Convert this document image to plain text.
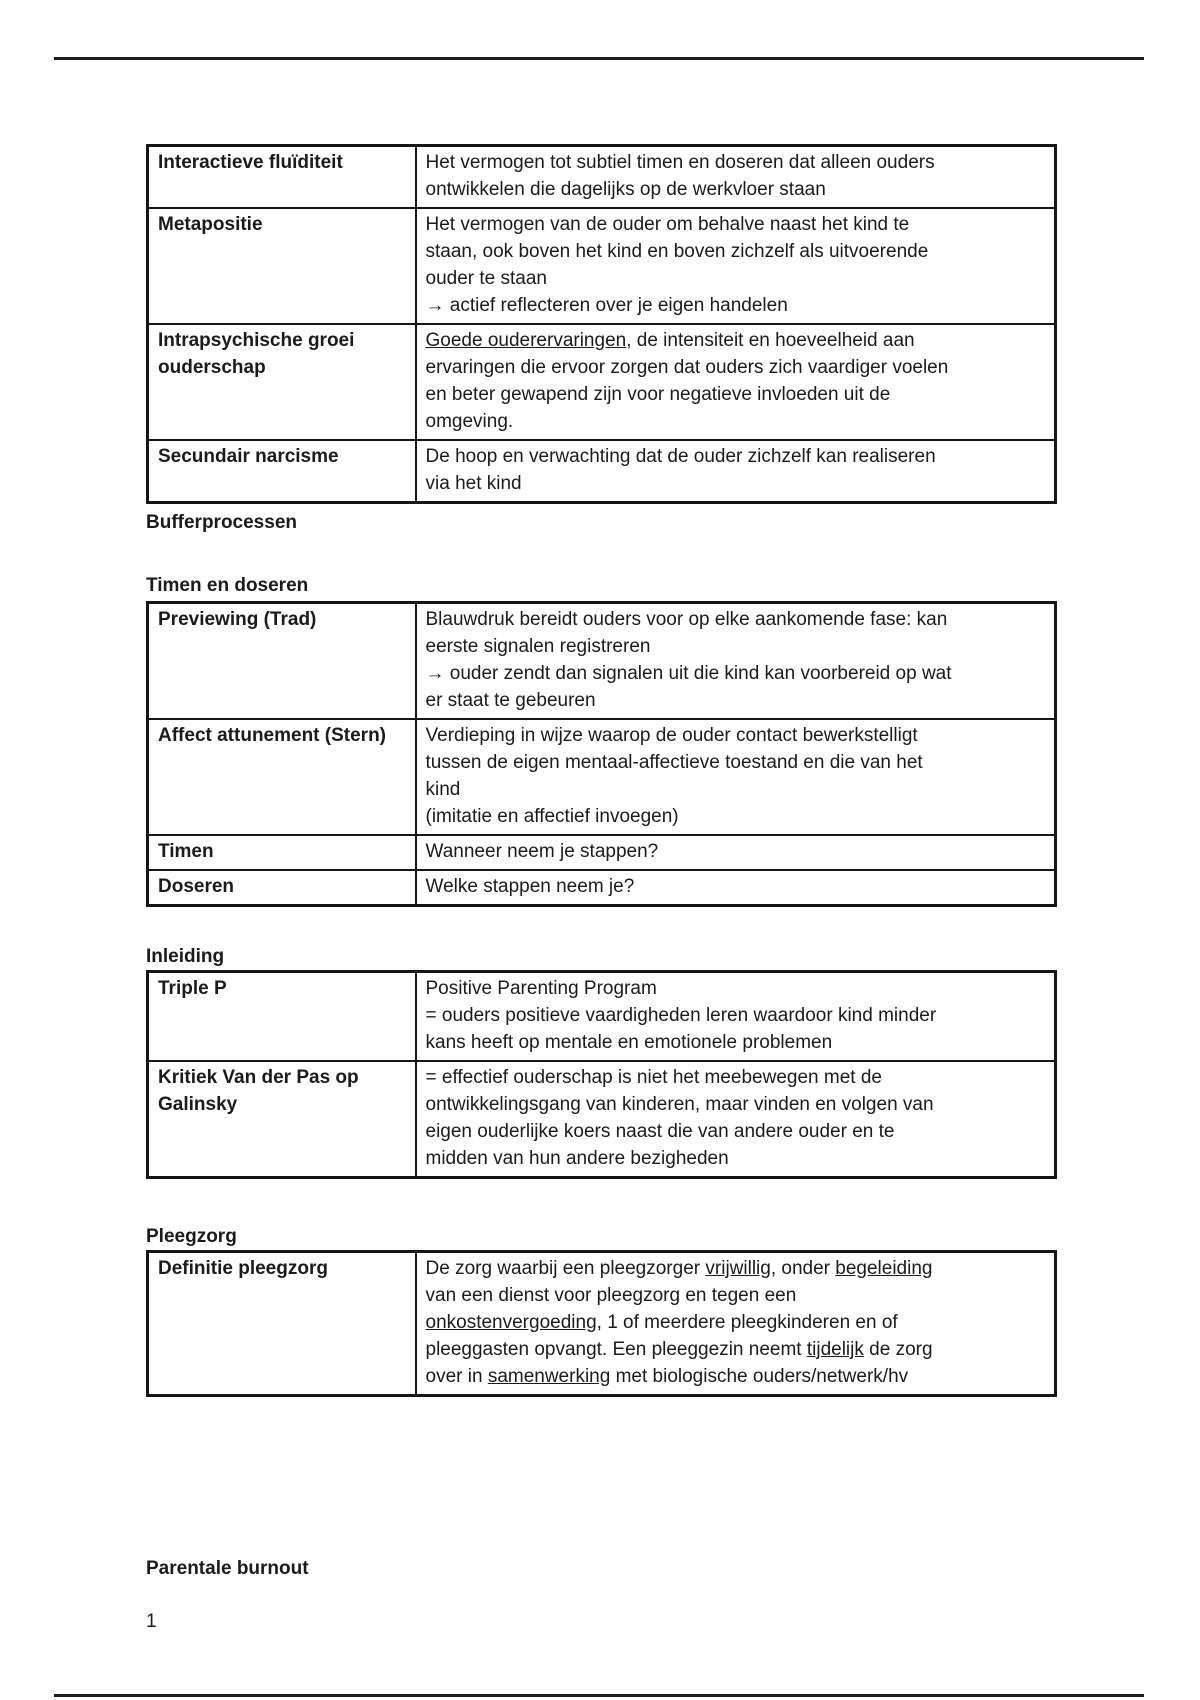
Interactieve fluïditeit	Het vermogen tot subtiel timen en doseren dat alleen ouders
ontwikkelen die dagelijks op de werkvloer staan

Metapositie	Het vermogen van de ouder om behalve naast het kind te
staan, ook boven het kind en boven zichzelf als uitvoerende
ouder te staan
→ actief reflecteren over je eigen handelen

Intrapsychische groei ouderschap	Goede ouderervaringen, de intensiteit en hoeveelheid aan
ervaringen die ervoor zorgen dat ouders zich vaardiger voelen
en beter gewapend zijn voor negatieve invloeden uit de
omgeving.

Secundair narcisme	De hoop en verwachting dat de ouder zichzelf kan realiseren
via het kind
Bufferprocessen
Timen en doseren
Previewing (Trad)	Blauwdruk bereidt ouders voor op elke aankomende fase: kan
eerste signalen registreren
→ ouder zendt dan signalen uit die kind kan voorbereid op wat
er staat te gebeuren

Affect attunement (Stern)	Verdieping in wijze waarop de ouder contact bewerkstelligt
tussen de eigen mentaal-affectieve toestand en die van het
kind
(imitatie en affectief invoegen)

Timen	Wanneer neem je stappen?

Doseren	Welke stappen neem je?
Inleiding
Triple P	Positive Parenting Program
= ouders positieve vaardigheden leren waardoor kind minder
kans heeft op mentale en emotionele problemen

Kritiek Van der Pas op Galinsky	= effectief ouderschap is niet het meebewegen met de
ontwikkelingsgang van kinderen, maar vinden en volgen van
eigen ouderlijke koers naast die van andere ouder en te
midden van hun andere bezigheden
Pleegzorg
Definitie pleegzorg	De zorg waarbij een pleegzorger vrijwillig, onder begeleiding
van een dienst voor pleegzorg en tegen een
onkostenvergoeding, 1 of meerdere pleegkinderen en of
pleeggasten opvangt. Een pleeggezin neemt tijdelijk de zorg
over in samenwerking met biologische ouders/netwerk/hv
Parentale burnout
1
